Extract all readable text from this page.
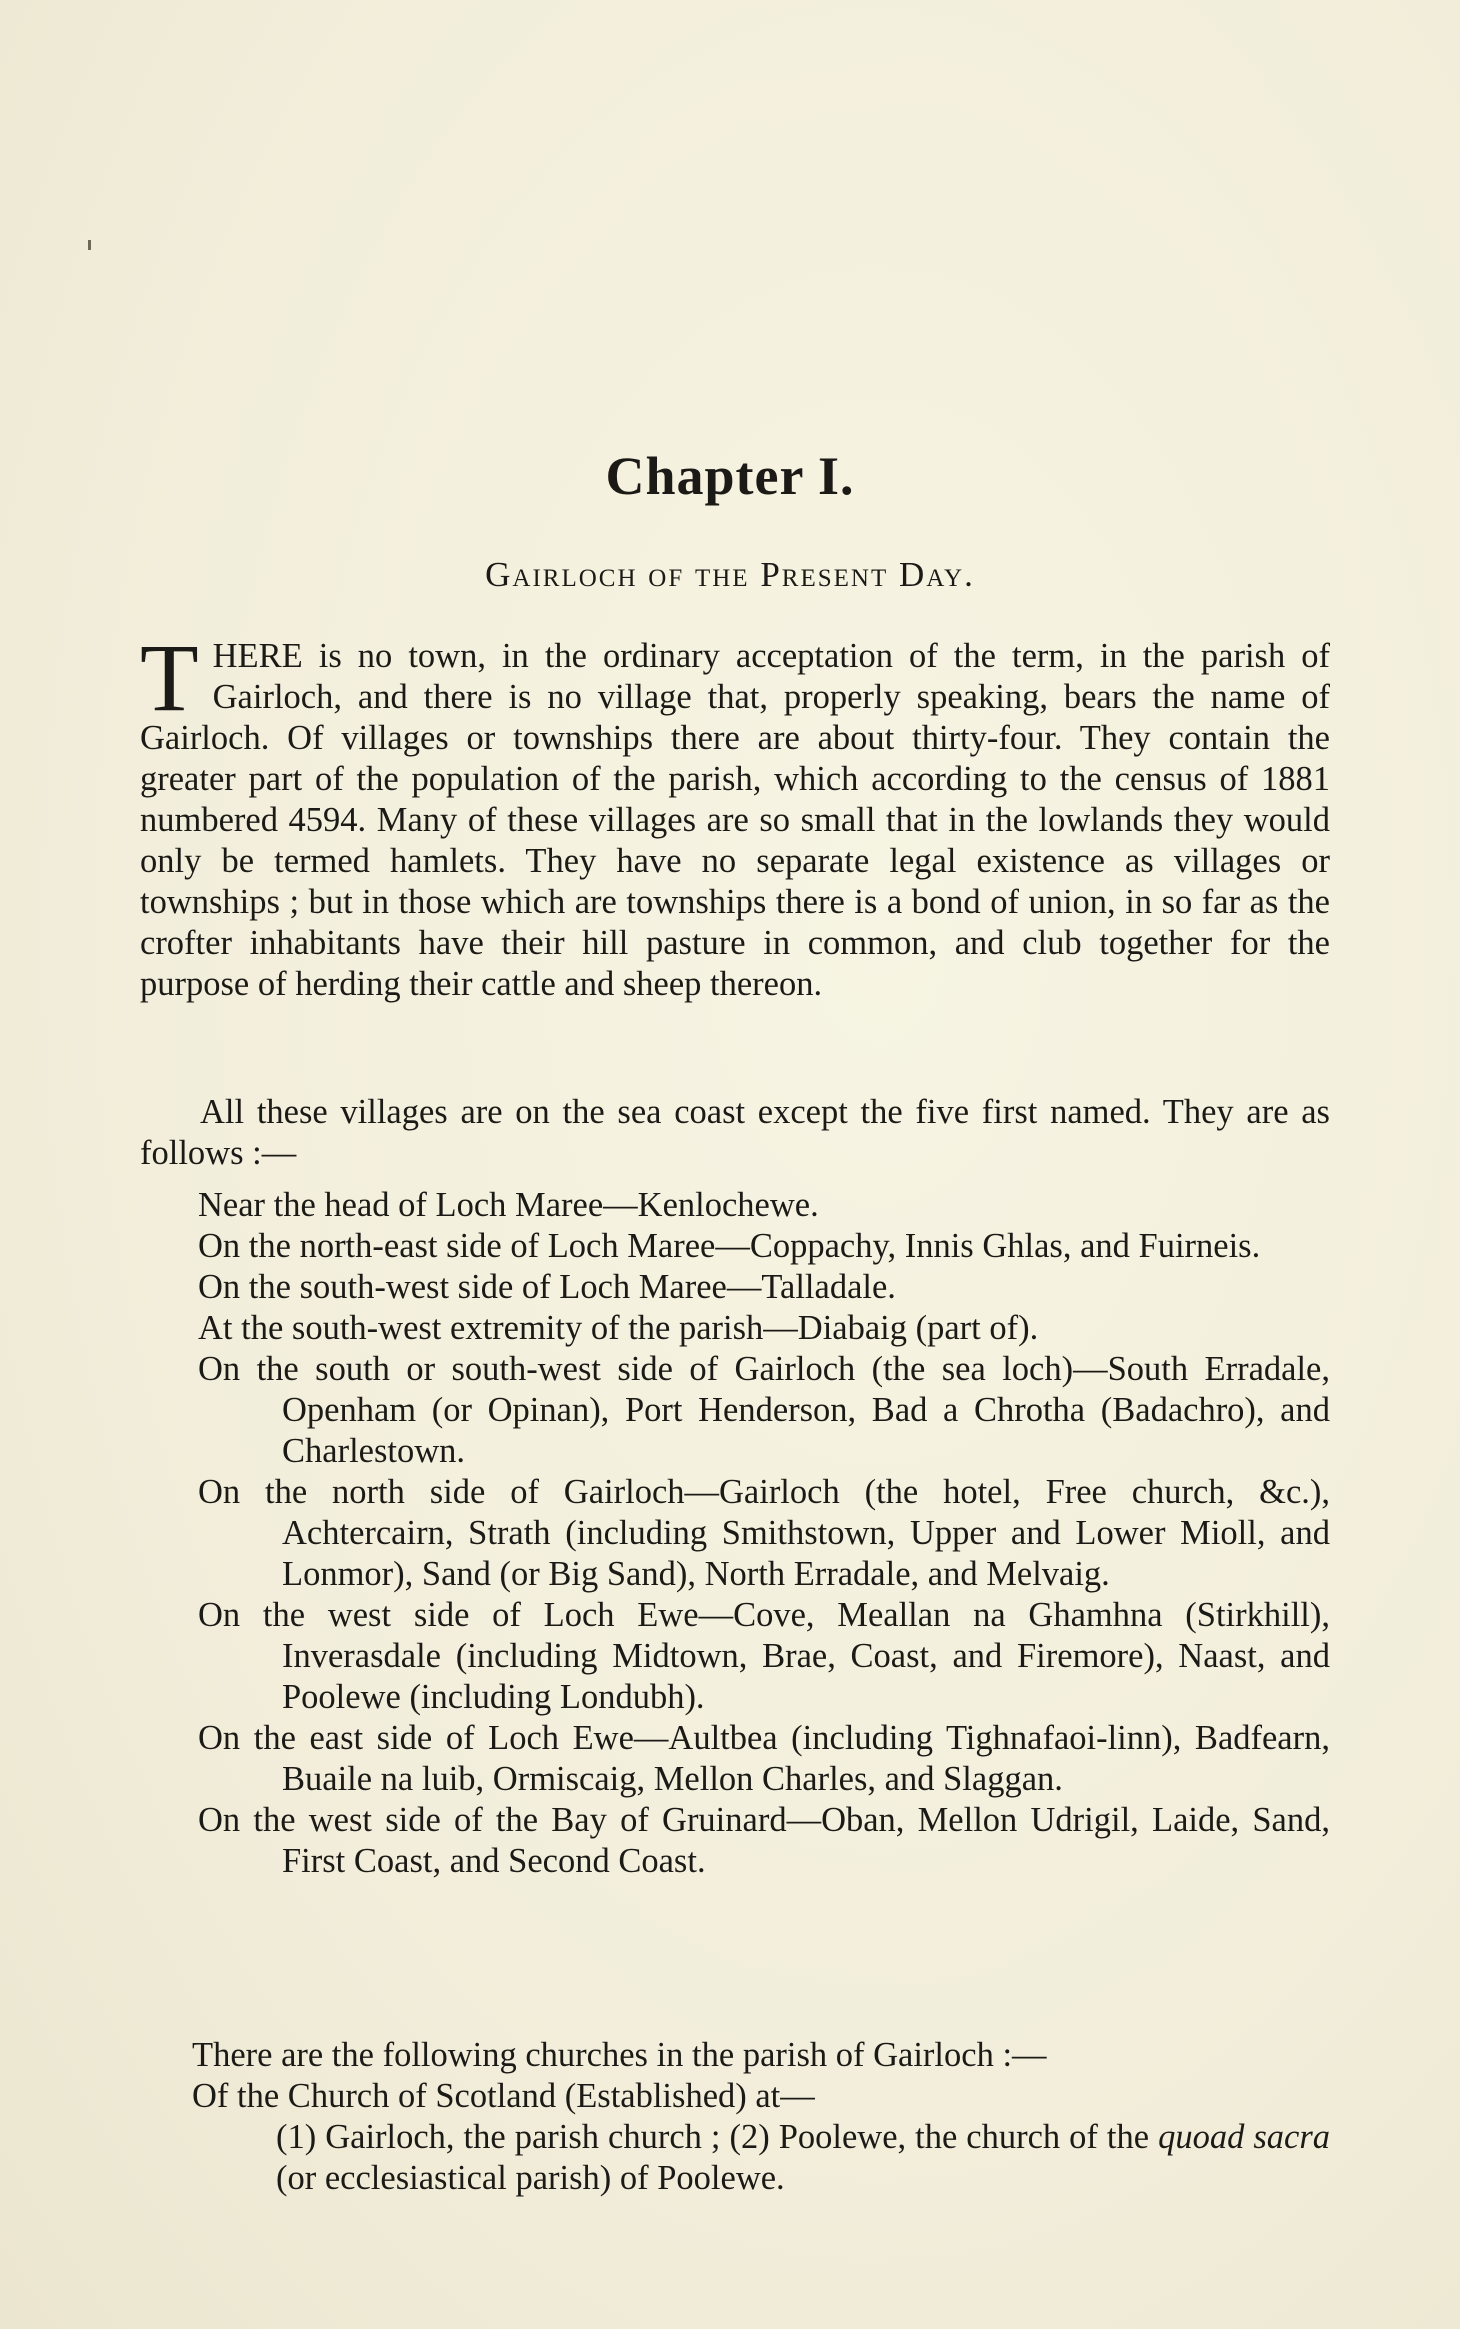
Chapter I.
Gairloch of the Present Day.

THERE is no town, in the ordinary acceptation of the term, in the parish of Gairloch, and there is no village that, properly speaking, bears the name of Gairloch. Of villages or townships there are about thirty-four. They contain the greater part of the population of the parish, which according to the census of 1881 numbered 4594. Many of these villages are so small that in the lowlands they would only be termed hamlets. They have no separate legal existence as villages or townships ; but in those which are townships there is a bond of union, in so far as the crofter inhabitants have their hill pasture in common, and club together for the purpose of herding their cattle and sheep thereon.

All these villages are on the sea coast except the five first named. They are as follows :—

Near the head of Loch Maree—Kenlochewe.
On the north-east side of Loch Maree—Coppachy, Innis Ghlas, and Fuirneis.
On the south-west side of Loch Maree—Talladale.
At the south-west extremity of the parish—Diabaig (part of).
On the south or south-west side of Gairloch (the sea loch)—South Erradale, Openham (or Opinan), Port Henderson, Bad a Chrotha (Badachro), and Charlestown.
On the north side of Gairloch—Gairloch (the hotel, Free church, &c.), Achtercairn, Strath (including Smithstown, Upper and Lower Mioll, and Lonmor), Sand (or Big Sand), North Erradale, and Melvaig.
On the west side of Loch Ewe—Cove, Meallan na Ghamhna (Stirkhill), Inverasdale (including Midtown, Brae, Coast, and Firemore), Naast, and Poolewe (including Londubh).
On the east side of Loch Ewe—Aultbea (including Tighnafaoi-linn), Badfearn, Buaile na luib, Ormiscaig, Mellon Charles, and Slaggan.
On the west side of the Bay of Gruinard—Oban, Mellon Udrigil, Laide, Sand, First Coast, and Second Coast.

There are the following churches in the parish of Gairloch :—

Of the Church of Scotland (Established) at—

(1) Gairloch, the parish church ; (2) Poolewe, the church of the quoad sacra (or ecclesiastical parish) of Poolewe.
